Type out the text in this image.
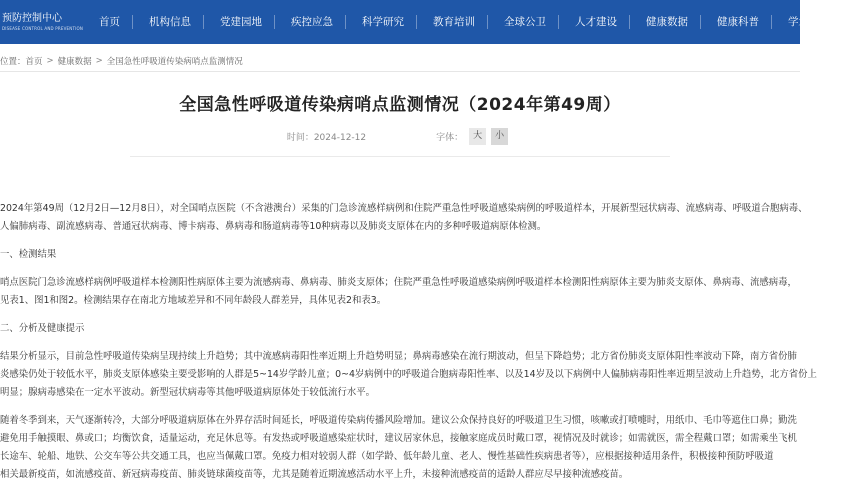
预防控制中心
DISEASE CONTROL AND PREVENTION
首页	机构信息	党建园地	疾控应急	科学研究	教育培训	全球公卫	人才建设	健康数据	健康科普	学术期刊
位置： 首页 > 健康数据 > 全国急性呼吸道传染病哨点监测情况
全国急性呼吸道传染病哨点监测情况（2024年第49周）
时间：2024-12-12	字体：	大	小

2024年第49周（12月2日—12月8日），对全国哨点医院（不含港澳台）采集的门急诊流感样病例和住院严重急性呼吸道感染病例的呼吸道样本，开展新型冠状病毒、流感病毒、呼吸道合胞病毒、

人偏肺病毒、副流感病毒、普通冠状病毒、博卡病毒、鼻病毒和肠道病毒等10种病毒以及肺炎支原体在内的多种呼吸道病原体检测。

一、检测结果

哨点医院门急诊流感样病例呼吸道样本检测阳性病原体主要为流感病毒、鼻病毒、肺炎支原体；住院严重急性呼吸道感染病例呼吸道样本检测阳性病原体主要为肺炎支原体、鼻病毒、流感病毒，

见表1、图1和图2。检测结果存在南北方地域差异和不同年龄段人群差异，具体见表2和表3。

二、分析及健康提示

结果分析显示，目前急性呼吸道传染病呈现持续上升趋势；其中流感病毒阳性率近期上升趋势明显；鼻病毒感染在流行期波动，但呈下降趋势；北方省份肺炎支原体阳性率波动下降，南方省份肺

炎感染仍处于较低水平，肺炎支原体感染主要受影响的人群是5~14岁学龄儿童；0~4岁病例中的呼吸道合胞病毒阳性率、以及14岁及以下病例中人偏肺病毒阳性率近期呈波动上升趋势，北方省份上

明显；腺病毒感染在一定水平波动。新型冠状病毒等其他呼吸道病原体处于较低流行水平。

随着冬季到来，天气逐渐转冷，大部分呼吸道病原体在外界存活时间延长，呼吸道传染病传播风险增加。建议公众保持良好的呼吸道卫生习惯，咳嗽或打喷嚏时，用纸巾、毛巾等遮住口鼻；勤洗

避免用手触摸眼、鼻或口；均衡饮食，适量运动，充足休息等。有发热或呼吸道感染症状时，建议居家休息，接触家庭成员时戴口罩，视情况及时就诊；如需就医，需全程戴口罩；如需乘坐飞机

长途车、轮船、地铁、公交车等公共交通工具，也应当佩戴口罩。免疫力相对较弱人群（如学龄、低年龄儿童、老人、慢性基础性疾病患者等），应根据接种适用条件，积极接种预防呼吸道

相关最新疫苗，如流感疫苗、新冠病毒疫苗、肺炎链球菌疫苗等，尤其是随着近期流感活动水平上升，未接种流感疫苗的适龄人群应尽早接种流感疫苗。
